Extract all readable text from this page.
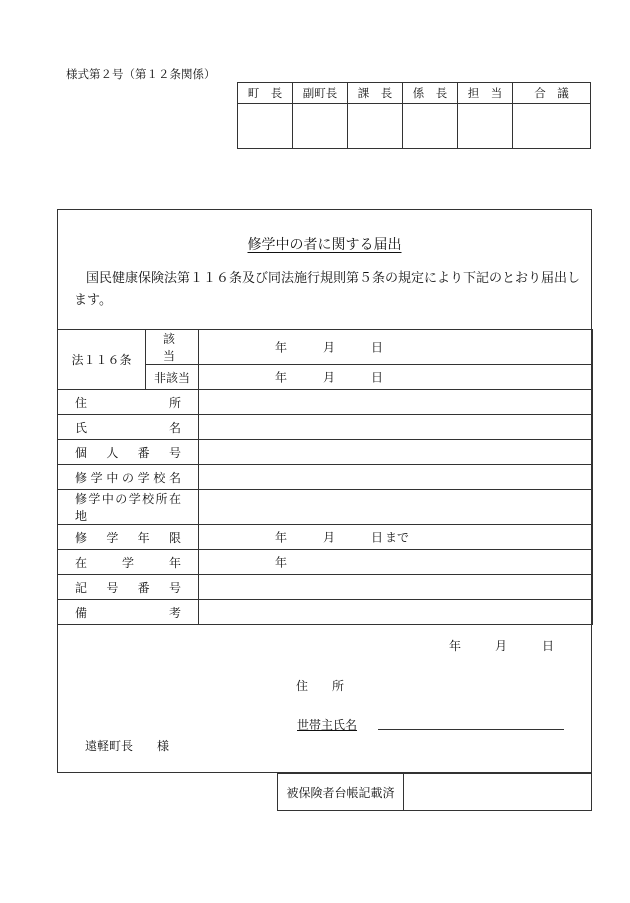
様式第２号（第１２条関係）
町　長	副町長	課　長	係　長	担　当	合　議

修学中の者に関する届出
国民健康保険法第１１６条及び同法施行規則第５条の規定により下記のとおり届出します。
法１１６条	該当	年 月 日

	非該当	年 月 日

住所		
氏名		
個人番号		
修学中の学校名		
修学中の学校所在地		
修学年限		年 月 日 まで

在学年		年

記号番号		
備考		
年	月	日
住　　所
世帯主氏名
遠軽町長　　様
被保険者台帳記載済	
